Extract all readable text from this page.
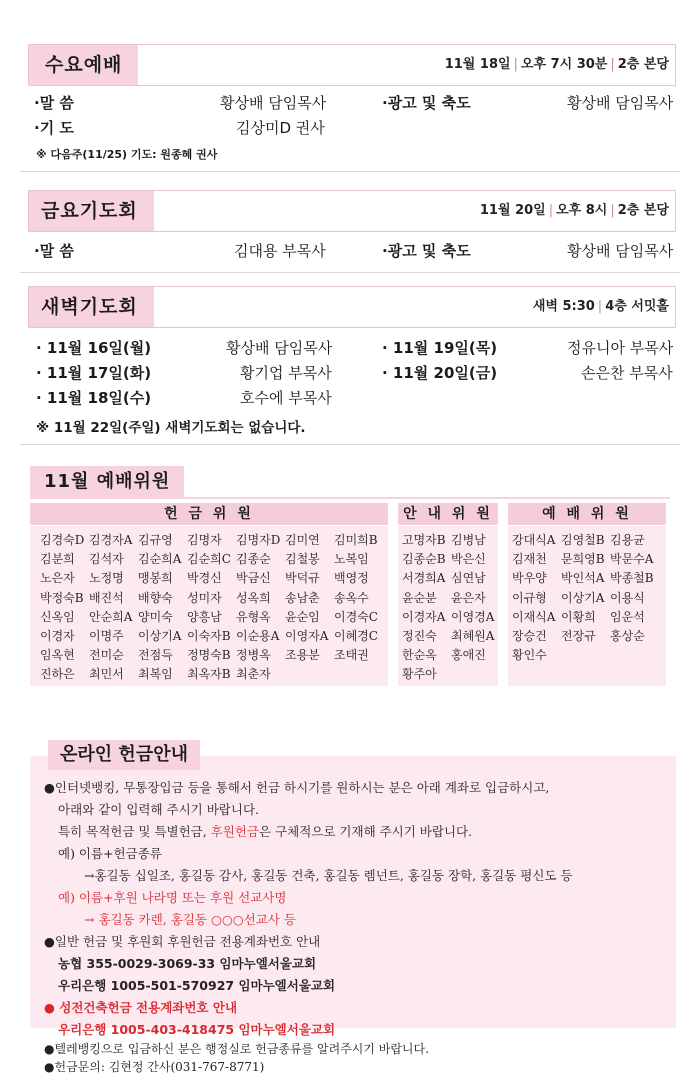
수요예배	11월 18일 | 오후 7시 30분 | 2층 본당
·말 씀	황상배 담임목사
·기 도	김상미D 권사
·광고 및 축도	황상배 담임목사
※ 다음주(11/25) 기도: 원종혜 권사
금요기도회	11월 20일 | 오후 8시 | 2층 본당
·말 씀	김대용 부목사	·광고 및 축도	황상배 담임목사
새벽기도회	새벽 5:30 | 4층 서밋홀
· 11월 16일(월)	황상배 담임목사
· 11월 17일(화)	황기업 부목사
· 11월 18일(수)	호수에 부목사
· 11월 19일(목)	정유니아 부목사
· 11월 20일(금)	손은찬 부목사
※ 11월 22일(주일) 새벽기도회는 없습니다.
11월 예배위원
헌 금 위 원	안 내 위 원	예 배 위 원
김경숙D 김경자A 김규영 김명자 김명자D 김미연 김미희B
김분희 김석자 김순희A 김순희C 김종순 김철봉 노복임
노은자 노정명 맹봉희 박경신 박금신 박덕규 백영정
박정숙B 배진석 배향숙 성미자 성옥희 송남춘 송옥수
신옥임 안순희A 양미숙 양흥남 유형옥 윤순임 이경숙C
이경자 이명주 이상기A 이숙자B 이순용A 이영자A 이혜경C
임옥현 전미순 전점득 정명숙B 정병옥 조용분 조태권
진하은 최민서 최복임 최옥자B 최춘자
고명자B 김병남
김종순B 박은신
서경희A 심연남
윤순분 윤은자
이경자A 이영경A
정진숙 최혜원A
한순옥 홍애진
황주아
강대식A 김영철B 김용균
김재천 문희영B 박문수A
박우양 박인석A 박종철B
이규형 이상기A 이용식
이재식A 이황희 임운석
장승건 전장규 홍상순
황인수
온라인 헌금안내
●인터넷뱅킹, 무통장입금 등을 통해서 헌금 하시기를 원하시는 분은 아래 계좌로 입금하시고,
아래와 같이 입력해 주시기 바랍니다.
특히 목적헌금 및 특별헌금, 후원헌금은 구체적으로 기재해 주시기 바랍니다.
예) 이름+헌금종류
→홍길동 십일조, 홍길동 감사, 홍길동 건축, 홍길동 렘넌트, 홍길동 장학, 홍길동 평신도 등
예) 이름+후원 나라명 또는 후원 선교사명
→ 홍길동 카렌, 홍길동 ○○○선교사 등
●일반 헌금 및 후원회 후원헌금 전용계좌번호 안내
농협 355-0029-3069-33 임마누엘서울교회
우리은행 1005-501-570927 임마누엘서울교회
● 성전건축헌금 전용계좌번호 안내
우리은행 1005-403-418475 임마누엘서울교회
●텔레뱅킹으로 입금하신 분은 행정실로 헌금종류를 알려주시기 바랍니다.
●헌금문의: 김현정 간사(031-767-8771)
